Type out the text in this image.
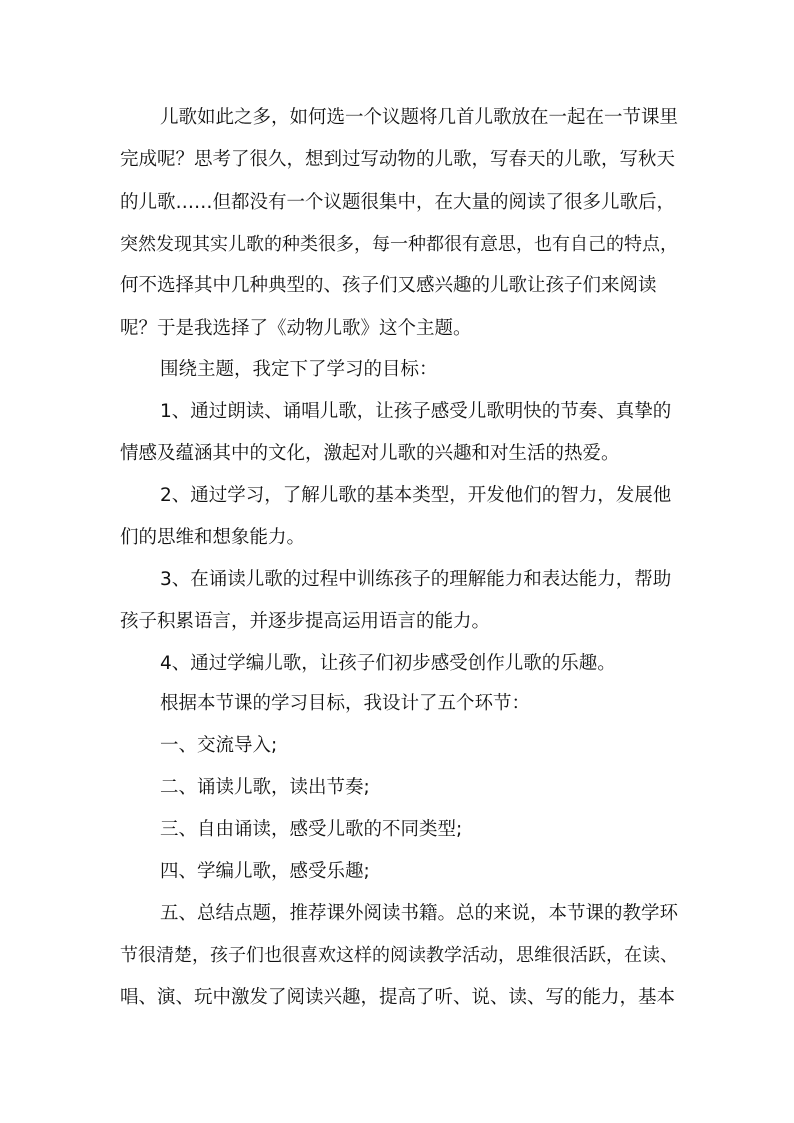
儿歌如此之多，如何选一个议题将几首儿歌放在一起在一节课里
完成呢？思考了很久，想到过写动物的儿歌，写春天的儿歌，写秋天
的儿歌……但都没有一个议题很集中，在大量的阅读了很多儿歌后，
突然发现其实儿歌的种类很多，每一种都很有意思，也有自己的特点，
何不选择其中几种典型的、孩子们又感兴趣的儿歌让孩子们来阅读
呢？于是我选择了《动物儿歌》这个主题。
围绕主题，我定下了学习的目标：
1、通过朗读、诵唱儿歌，让孩子感受儿歌明快的节奏、真挚的
情感及蕴涵其中的文化，激起对儿歌的兴趣和对生活的热爱。
2、通过学习，了解儿歌的基本类型，开发他们的智力，发展他
们的思维和想象能力。
3、在诵读儿歌的过程中训练孩子的理解能力和表达能力，帮助
孩子积累语言，并逐步提高运用语言的能力。
4、通过学编儿歌，让孩子们初步感受创作儿歌的乐趣。
根据本节课的学习目标，我设计了五个环节：
一、交流导入;
二、诵读儿歌，读出节奏;
三、自由诵读，感受儿歌的不同类型;
四、学编儿歌，感受乐趣;
五、总结点题，推荐课外阅读书籍。总的来说，本节课的教学环
节很清楚，孩子们也很喜欢这样的阅读教学活动，思维很活跃，在读、
唱、演、玩中激发了阅读兴趣，提高了听、说、读、写的能力，基本
